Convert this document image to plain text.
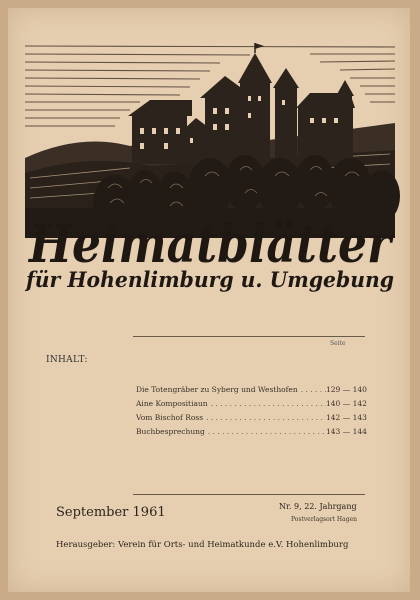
Heimatblätter
für Hohenlimburg u. Umgebung
Seite
INHALT:
Die Totengräber zu Syberg und Westhofen . . .	129 — 140
Aine Kompositiaun . . .	140 — 142
Vom Bischof Ross . . .	142 — 143
Buchbesprechung . . .	143 — 144
September 1961	Nr. 9, 22. Jahrgang
Postverlagsort Hagen
Herausgeber: Verein für Orts- und Heimatkunde e.V. Hohenlimburg
